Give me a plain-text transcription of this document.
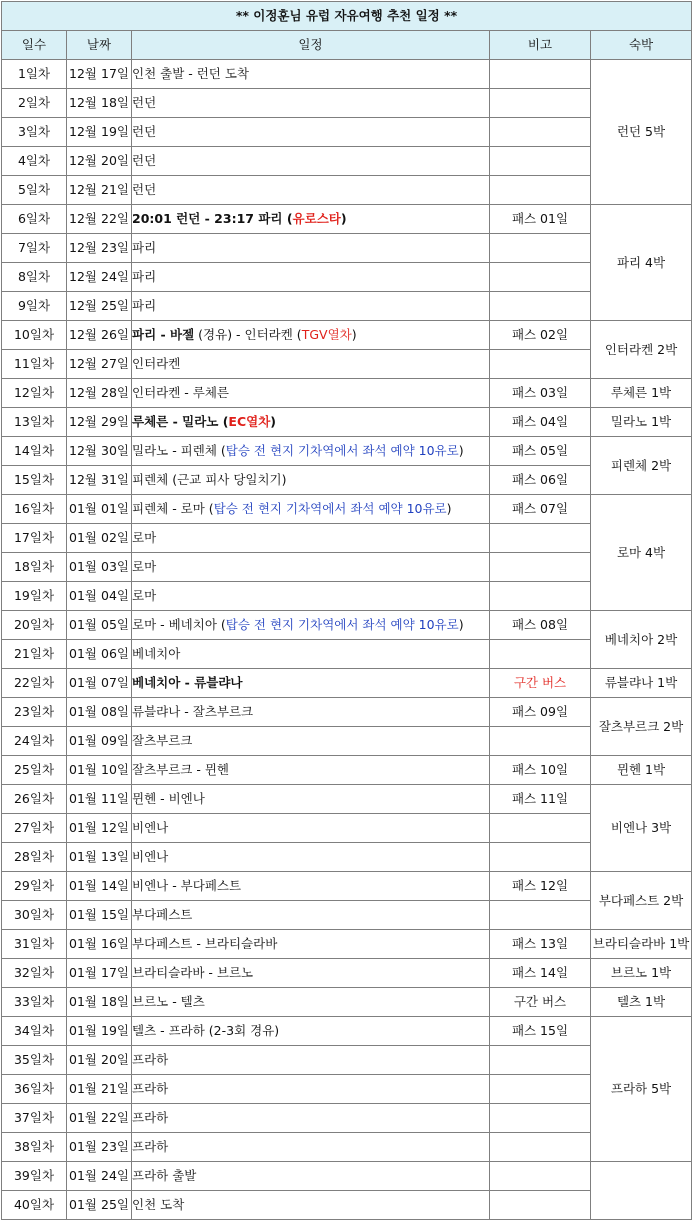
** 이정훈님 유럽 자유여행 추천 일정 **				
일수	날짜	일정	비고	숙박
1일차	12월 17일	인천 출발 - 런던 도착		런던 5박
2일차	12월 18일	런던		
3일차	12월 19일	런던		
4일차	12월 20일	런던		
5일차	12월 21일	런던		
6일차	12월 22일	20:01 런던 - 23:17 파리 (유로스타)	패스 01일	파리 4박
7일차	12월 23일	파리		
8일차	12월 24일	파리		
9일차	12월 25일	파리		
10일차	12월 26일	파리 - 바젤 (경유) - 인터라켄 (TGV열차)	패스 02일	인터라켄 2박
11일차	12월 27일	인터라켄		
12일차	12월 28일	인터라켄 - 루체른	패스 03일	루체른 1박
13일차	12월 29일	루체른 - 밀라노 (EC열차)	패스 04일	밀라노 1박
14일차	12월 30일	밀라노 - 피렌체 (탑승 전 현지 기차역에서 좌석 예약 10유로)	패스 05일	피렌체 2박
15일차	12월 31일	피렌체 (근교 피사 당일치기)	패스 06일	
16일차	01월 01일	피렌체 - 로마 (탑승 전 현지 기차역에서 좌석 예약 10유로)	패스 07일	로마 4박
17일차	01월 02일	로마		
18일차	01월 03일	로마		
19일차	01월 04일	로마		
20일차	01월 05일	로마 - 베네치아 (탑승 전 현지 기차역에서 좌석 예약 10유로)	패스 08일	베네치아 2박
21일차	01월 06일	베네치아		
22일차	01월 07일	베네치아 - 류블랴나	구간 버스	류블랴나 1박
23일차	01월 08일	류블랴나 - 잘츠부르크	패스 09일	잘츠부르크 2박
24일차	01월 09일	잘츠부르크		
25일차	01월 10일	잘츠부르크 - 뮌헨	패스 10일	뮌헨 1박
26일차	01월 11일	뮌헨 - 비엔나	패스 11일	비엔나 3박
27일차	01월 12일	비엔나		
28일차	01월 13일	비엔나		
29일차	01월 14일	비엔나 - 부다페스트	패스 12일	부다페스트 2박
30일차	01월 15일	부다페스트		
31일차	01월 16일	부다페스트 - 브라티슬라바	패스 13일	브라티슬라바 1박
32일차	01월 17일	브라티슬라바 - 브르노	패스 14일	브르노 1박
33일차	01월 18일	브르노 - 텔츠	구간 버스	텔츠 1박
34일차	01월 19일	텔츠 - 프라하 (2-3회 경유)	패스 15일	프라하 5박
35일차	01월 20일	프라하		
36일차	01월 21일	프라하		
37일차	01월 22일	프라하		
38일차	01월 23일	프라하		
39일차	01월 24일	프라하 출발		
40일차	01월 25일	인천 도착		
